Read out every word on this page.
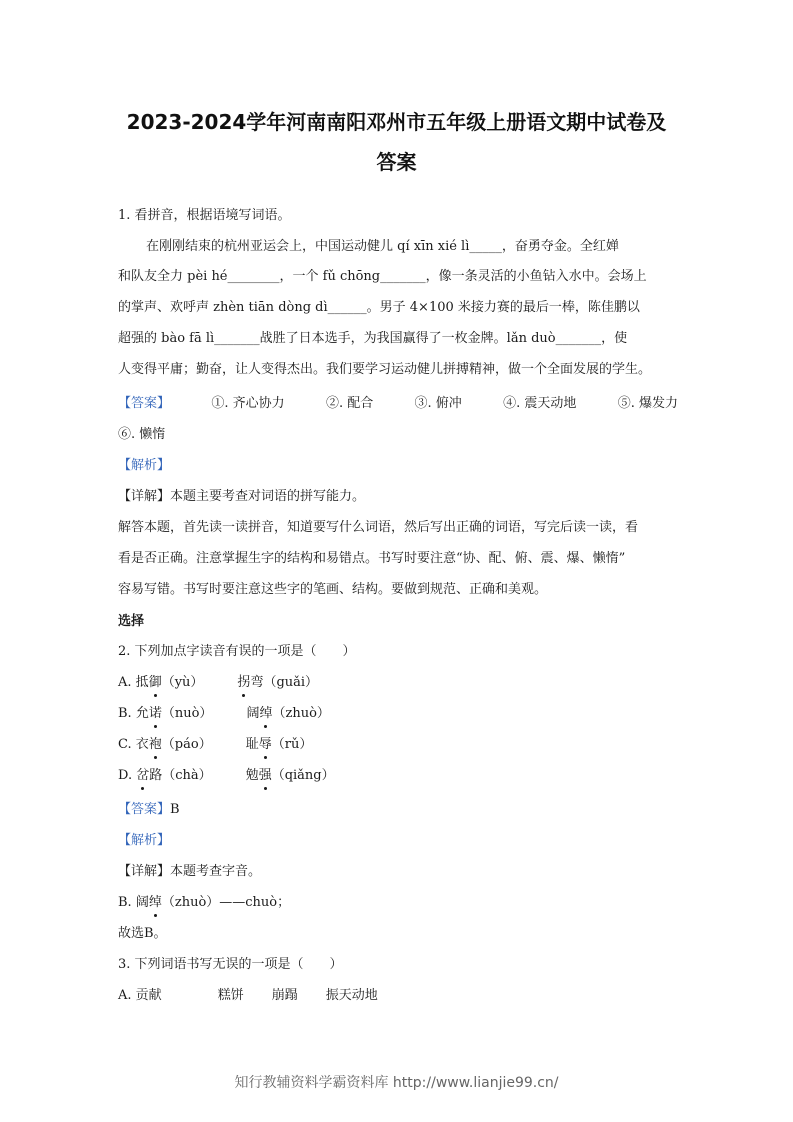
2023-2024学年河南南阳邓州市五年级上册语文期中试卷及
答案
1. 看拼音，根据语境写词语。
在刚刚结束的杭州亚运会上，中国运动健儿 qí xīn xié lì_____，奋勇夺金。全红婵
和队友全力 pèi hé________，一个 fǔ chōng_______，像一条灵活的小鱼钻入水中。会场上
的掌声、欢呼声 zhèn tiān dòng dì______。男子 4×100 米接力赛的最后一棒，陈佳鹏以
超强的 bào fā lì_______战胜了日本选手，为我国赢得了一枚金牌。lǎn duò_______，使
人变得平庸；勤奋，让人变得杰出。我们要学习运动健儿拼搏精神，做一个全面发展的学生。
【答案】	①. 齐心协力	②. 配合	③. 俯冲	④. 震天动地	⑤. 爆发力
⑥. 懒惰
【解析】
【详解】本题主要考查对词语的拼写能力。
解答本题，首先读一读拼音，知道要写什么词语，然后写出正确的词语，写完后读一读，看
看是否正确。注意掌握生字的结构和易错点。书写时要注意“协、配、俯、震、爆、懒惰”
容易写错。书写时要注意这些字的笔画、结构。要做到规范、正确和美观。
选择
2. 下列加点字读音有误的一项是（　　）
A. 抵御（yù）	拐弯（guǎi）
B. 允诺（nuò）	阔绰（zhuò）
C. 衣袍（páo）	耻辱（rǔ）
D. 岔路（chà）	勉强（qiǎng）
【答案】B
【解析】
【详解】本题考查字音。
B. 阔绰（zhuò）——chuò；
故选B。
3. 下列词语书写无误的一项是（　　）
A. 贡献	糕饼 崩蹋 振天动地
知行教辅资料学霸资料库 http://www.lianjie99.cn/
